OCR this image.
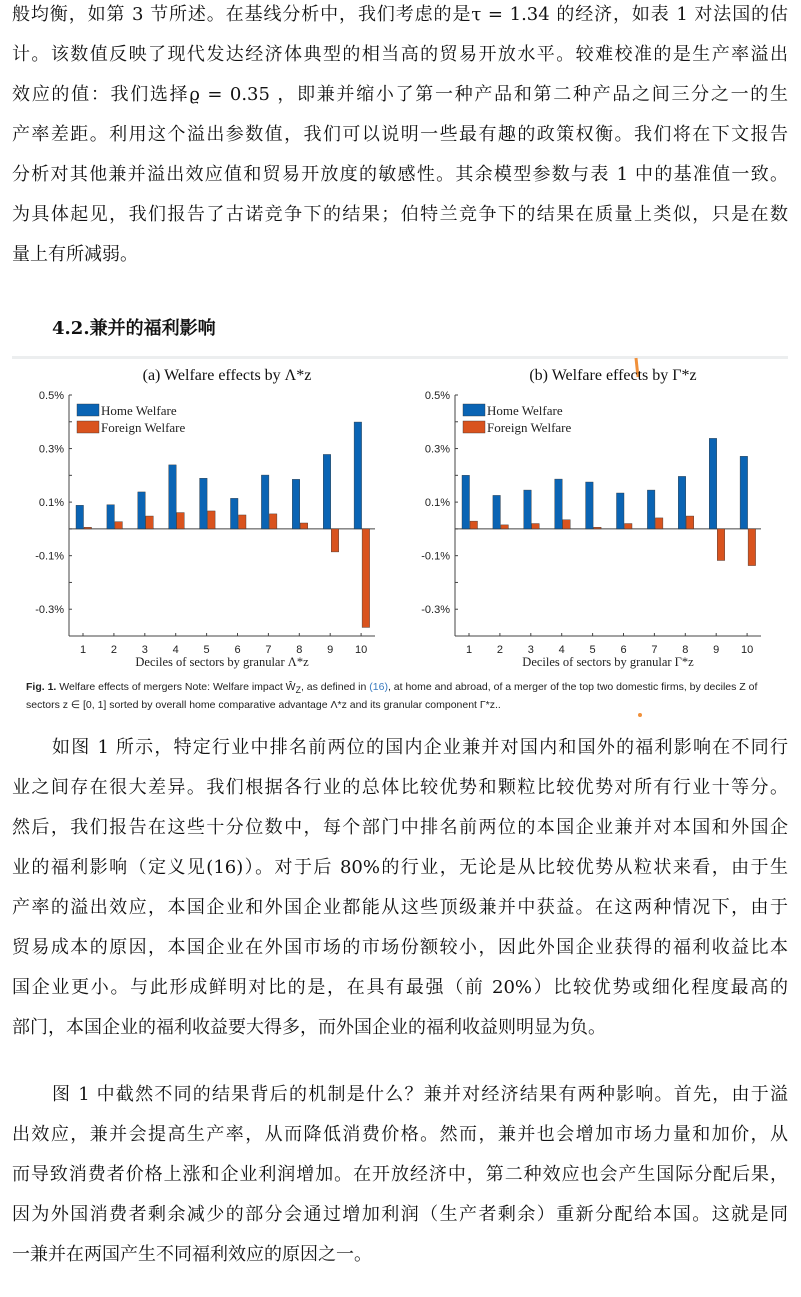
般均衡，如第 3 节所述。在基线分析中，我们考虑的是τ = 1.34 的经济，如表 1 对法国的估
计。该数值反映了现代发达经济体典型的相当高的贸易开放水平。较难校准的是生产率溢出
效应的值：我们选择ϱ = 0.35 ，即兼并缩小了第一种产品和第二种产品之间三分之一的生
产率差距。利用这个溢出参数值，我们可以说明一些最有趣的政策权衡。我们将在下文报告
分析对其他兼并溢出效应值和贸易开放度的敏感性。其余模型参数与表 1 中的基准值一致。
为具体起见，我们报告了古诺竞争下的结果；伯特兰竞争下的结果在质量上类似，只是在数
量上有所减弱。
4.2.兼并的福利影响
(a) Welfare effects by Λ*z
0.5%
0.3%
0.1%
-0.1%
-0.3%
1 2 3 4 5 6 7 8 9 10
Deciles of sectors by granular Λ*z
Home Welfare
Foreign Welfare
(b) Welfare effects by Γ*z
0.5%
0.3%
0.1%
-0.1%
-0.3%
1 2 3 4 5 6 7 8 9 10
Deciles of sectors by granular Γ*z
Home Welfare
Foreign Welfare
Fig. 1. Welfare effects of mergers Note: Welfare impact $Ŵ_Z$, as defined in (16), at home and abroad, of a merger of the top two domestic firms, by deciles Z of sectors z ∈ [0, 1] sorted by overall home comparative advantage Λ*z and its granular component Γ*z..
如图 1 所示，特定行业中排名前两位的国内企业兼并对国内和国外的福利影响在不同行
业之间存在很大差异。我们根据各行业的总体比较优势和颗粒比较优势对所有行业十等分。
然后，我们报告在这些十分位数中，每个部门中排名前两位的本国企业兼并对本国和外国企
业的福利影响（定义见(16)）。对于后 80%的行业，无论是从比较优势从粒状来看，由于生
产率的溢出效应，本国企业和外国企业都能从这些顶级兼并中获益。在这两种情况下，由于
贸易成本的原因，本国企业在外国市场的市场份额较小，因此外国企业获得的福利收益比本
国企业更小。与此形成鲜明对比的是，在具有最强（前 20%）比较优势或细化程度最高的
部门，本国企业的福利收益要大得多，而外国企业的福利收益则明显为负。
图 1 中截然不同的结果背后的机制是什么？兼并对经济结果有两种影响。首先，由于溢
出效应，兼并会提高生产率，从而降低消费价格。然而，兼并也会增加市场力量和加价，从
而导致消费者价格上涨和企业利润增加。在开放经济中，第二种效应也会产生国际分配后果，
因为外国消费者剩余减少的部分会通过增加利润（生产者剩余）重新分配给本国。这就是同
一兼并在两国产生不同福利效应的原因之一。
